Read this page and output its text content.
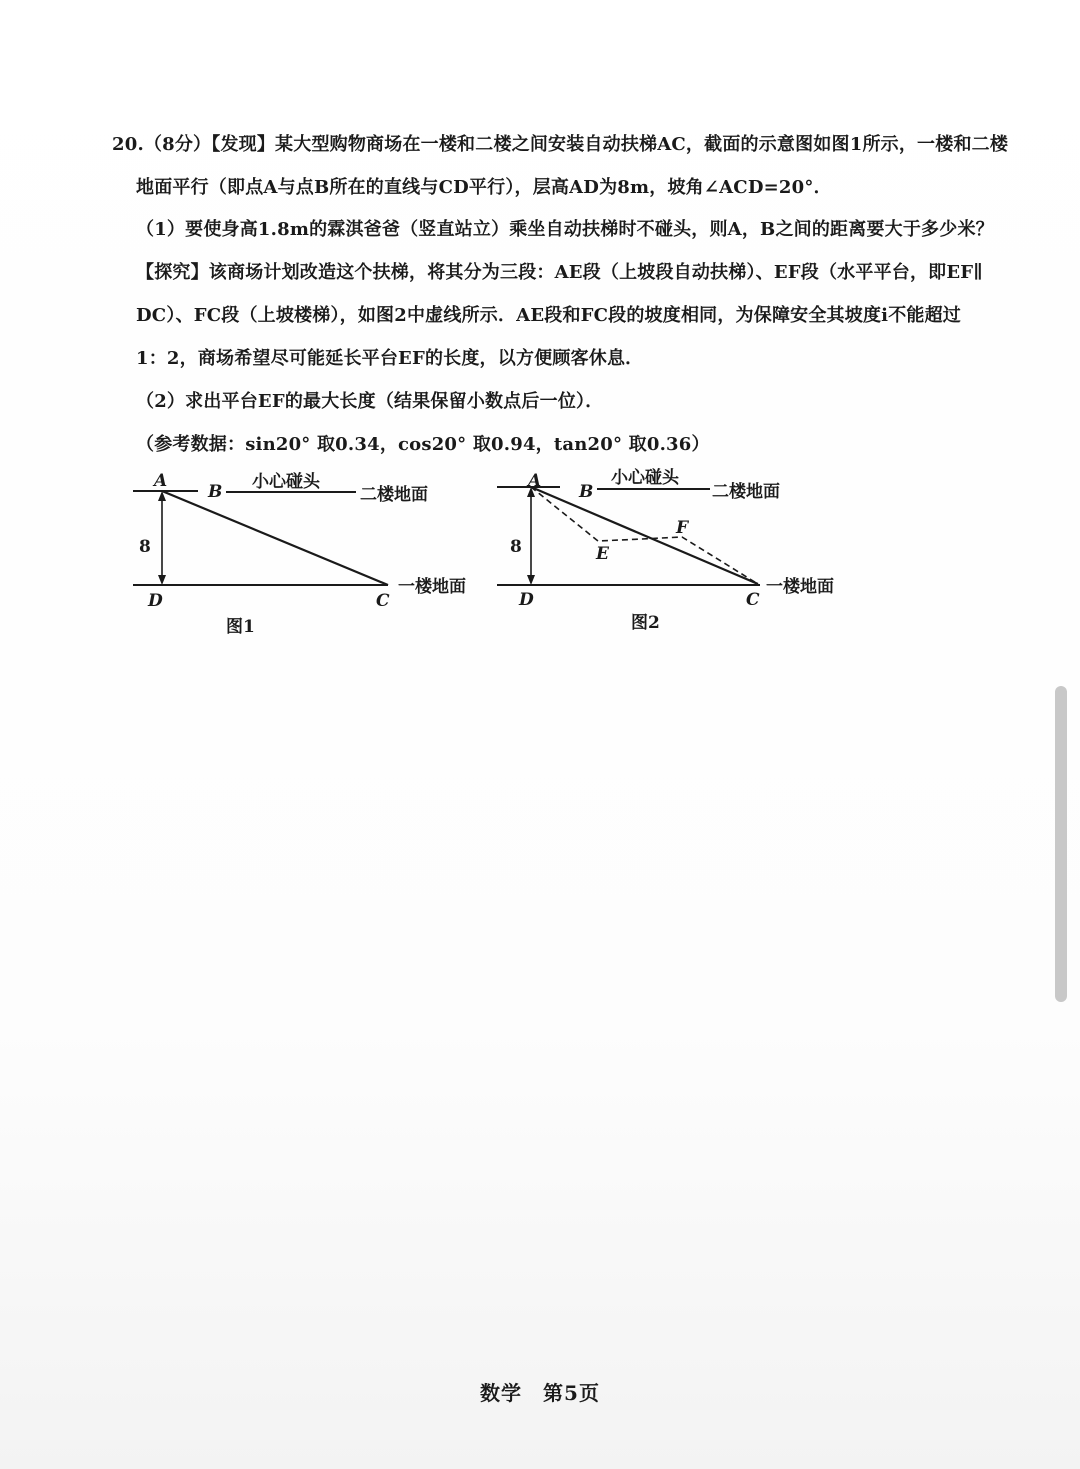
20.（8分）【发现】某大型购物商场在一楼和二楼之间安装自动扶梯AC，截面的示意图如图1所示，一楼和二楼
地面平行（即点A与点B所在的直线与CD平行），层高AD为8m，坡角∠ACD=20°．
（1）要使身高1.8m的霖淇爸爸（竖直站立）乘坐自动扶梯时不碰头，则A，B之间的距离要大于多少米？
【探究】该商场计划改造这个扶梯，将其分为三段：AE段（上坡段自动扶梯）、EF段（水平平台，即EF∥
DC）、FC段（上坡楼梯），如图2中虚线所示．AE段和FC段的坡度相同，为保障安全其坡度i不能超过
1：2，商场希望尽可能延长平台EF的长度，以方便顾客休息．
（2）求出平台EF的最大长度（结果保留小数点后一位）．
（参考数据：sin20° 取0.34，cos20° 取0.94，tan20° 取0.36）
A
B
C
D
8
小心碰头
二楼地面
一楼地面
图1
A
B
C
D
E
F
8
小心碰头
二楼地面
一楼地面
图2
数学　第5页
